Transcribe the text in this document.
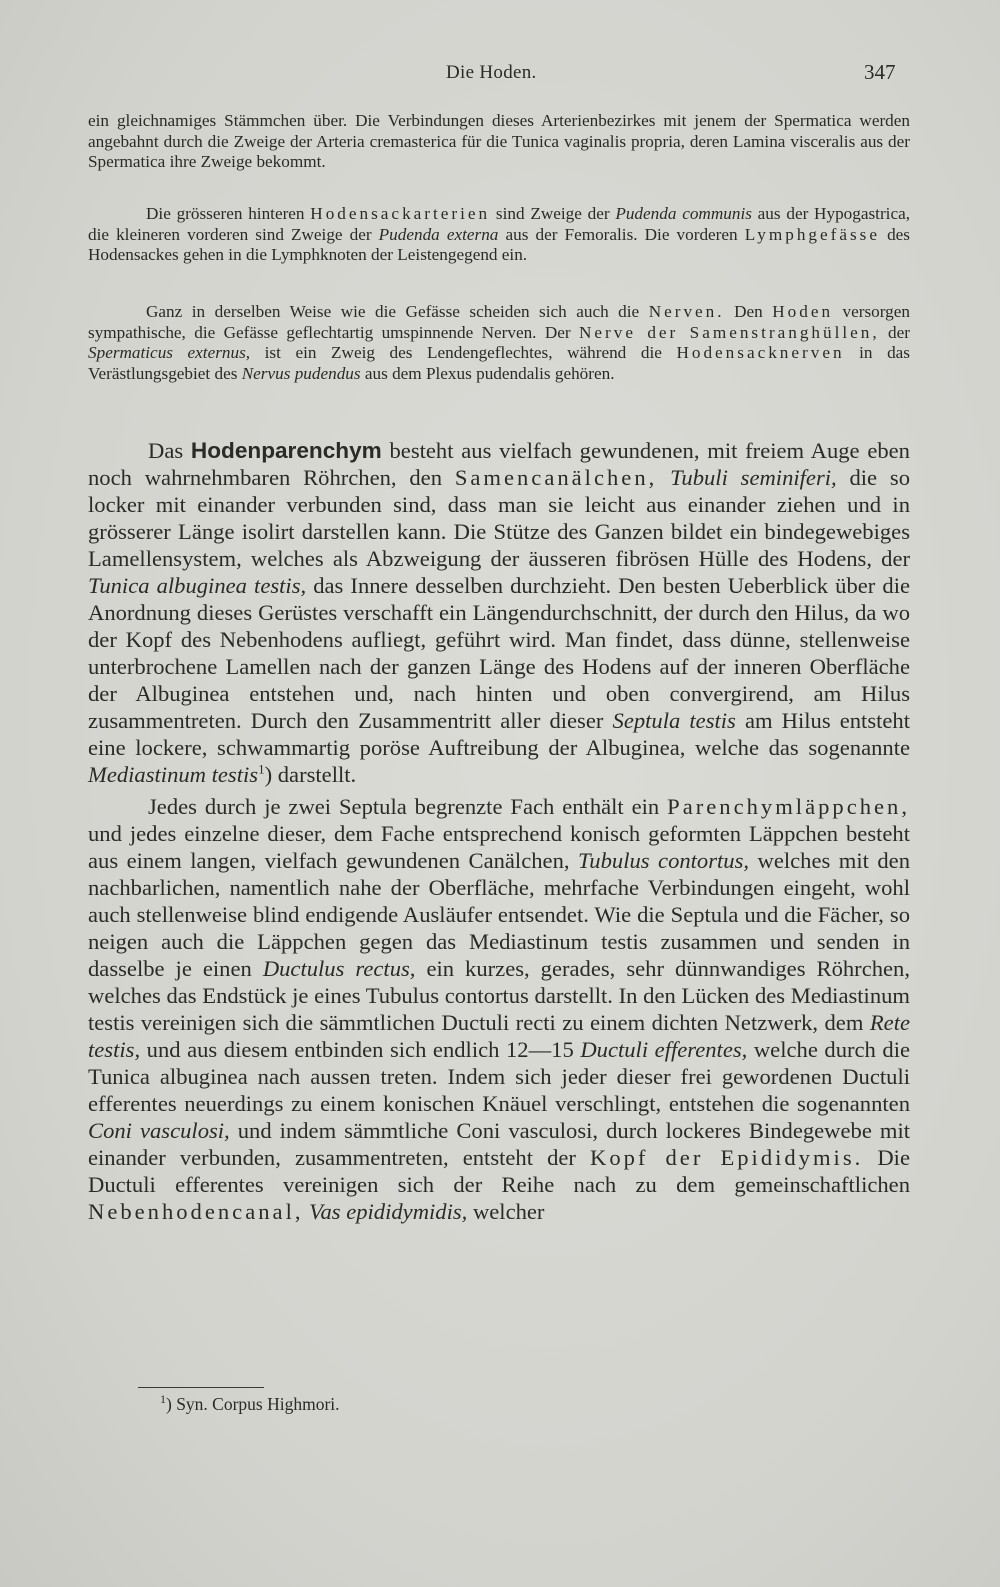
Die Hoden.	347

ein gleichnamiges Stämmchen über. Die Verbindungen dieses Arterienbezirkes mit jenem der Spermatica werden angebahnt durch die Zweige der Arteria cremasterica für die Tunica vaginalis propria, deren Lamina visceralis aus der Spermatica ihre Zweige bekommt.

Die grösseren hinteren Hodensackarterien sind Zweige der Pudenda communis aus der Hypogastrica, die kleineren vorderen sind Zweige der Pudenda externa aus der Femoralis. Die vorderen Lymphgefässe des Hodensackes gehen in die Lymphknoten der Leistengegend ein.

Ganz in derselben Weise wie die Gefässe scheiden sich auch die Nerven. Den Hoden versorgen sympathische, die Gefässe geflechtartig umspinnende Nerven. Der Nerve der Samenstranghüllen, der Spermaticus externus, ist ein Zweig des Lendengeflechtes, während die Hodensacknerven in das Verästlungsgebiet des Nervus pudendus aus dem Plexus pudendalis gehören.

Das Hodenparenchym besteht aus vielfach gewundenen, mit freiem Auge eben noch wahrnehmbaren Röhrchen, den Samencanälchen, Tubuli seminiferi, die so locker mit einander verbunden sind, dass man sie leicht aus einander ziehen und in grösserer Länge isolirt darstellen kann. Die Stütze des Ganzen bildet ein bindegewebiges Lamellensystem, welches als Abzweigung der äusseren fibrösen Hülle des Hodens, der Tunica albuginea testis, das Innere desselben durchzieht. Den besten Ueberblick über die Anordnung dieses Gerüstes verschafft ein Längendurchschnitt, der durch den Hilus, da wo der Kopf des Nebenhodens aufliegt, geführt wird. Man findet, dass dünne, stellenweise unterbrochene Lamellen nach der ganzen Länge des Hodens auf der inneren Oberfläche der Albuginea entstehen und, nach hinten und oben convergirend, am Hilus zusammentreten. Durch den Zusammentritt aller dieser Septula testis am Hilus entsteht eine lockere, schwammartig poröse Auftreibung der Albuginea, welche das sogenannte Mediastinum testis$^1$) darstellt.

Jedes durch je zwei Septula begrenzte Fach enthält ein Parenchymläppchen, und jedes einzelne dieser, dem Fache entsprechend konisch geformten Läppchen besteht aus einem langen, vielfach gewundenen Canälchen, Tubulus contortus, welches mit den nachbarlichen, namentlich nahe der Oberfläche, mehrfache Verbindungen eingeht, wohl auch stellenweise blind endigende Ausläufer entsendet. Wie die Septula und die Fächer, so neigen auch die Läppchen gegen das Mediastinum testis zusammen und senden in dasselbe je einen Ductulus rectus, ein kurzes, gerades, sehr dünnwandiges Röhrchen, welches das Endstück je eines Tubulus contortus darstellt. In den Lücken des Mediastinum testis vereinigen sich die sämmtlichen Ductuli recti zu einem dichten Netzwerk, dem Rete testis, und aus diesem entbinden sich endlich 12—15 Ductuli efferentes, welche durch die Tunica albuginea nach aussen treten. Indem sich jeder dieser frei gewordenen Ductuli efferentes neuerdings zu einem konischen Knäuel verschlingt, entstehen die sogenannten Coni vasculosi, und indem sämmtliche Coni vasculosi, durch lockeres Bindegewebe mit einander verbunden, zusammentreten, entsteht der Kopf der Epididymis. Die Ductuli efferentes vereinigen sich der Reihe nach zu dem gemeinschaftlichen Nebenhodencanal, Vas epididymidis, welcher

$^1$) Syn. Corpus Highmori.
